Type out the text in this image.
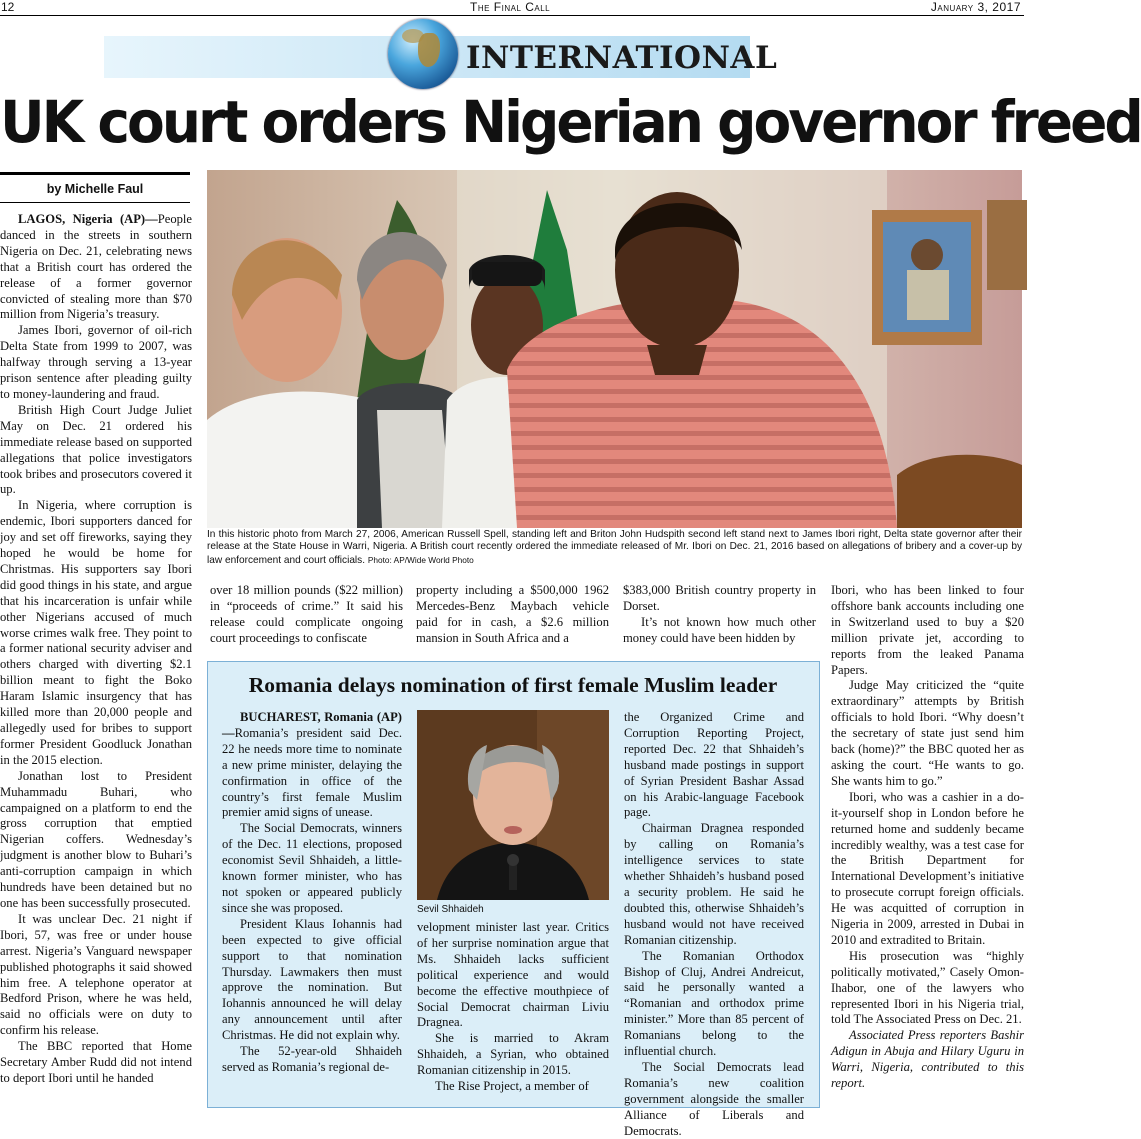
12	The Final Call	January 3, 2017
INTERNATIONAL
UK court orders Nigerian governor freed
by Michelle Faul

LAGOS, Nigeria (AP)—People danced in the streets in southern Nigeria on Dec. 21, celebrating news that a British court has ordered the release of a former governor convicted of stealing more than $70 million from Nigeria’s treasury.

James Ibori, governor of oil-rich Delta State from 1999 to 2007, was halfway through serving a 13-year prison sentence after pleading guilty to money-laundering and fraud.

British High Court Judge Juliet May on Dec. 21 ordered his immediate release based on supported allegations that police investigators took bribes and prosecutors covered it up.

In Nigeria, where corruption is endemic, Ibori supporters danced for joy and set off fireworks, saying they hoped he would be home for Christmas. His supporters say Ibori did good things in his state, and argue that his incarceration is unfair while other Nigerians accused of much worse crimes walk free. They point to a former national security adviser and others charged with diverting $2.1 billion meant to fight the Boko Haram Islamic insurgency that has killed more than 20,000 people and allegedly used for bribes to support former President Goodluck Jonathan in the 2015 election.

Jonathan lost to President Muhammadu Buhari, who campaigned on a platform to end the gross corruption that emptied Nigerian coffers. Wednesday’s judgment is another blow to Buhari’s anti-corruption campaign in which hundreds have been detained but no one has been successfully prosecuted.

It was unclear Dec. 21 night if Ibori, 57, was free or under house arrest. Nigeria’s Vanguard newspaper published photographs it said showed him free. A telephone operator at Bedford Prison, where he was held, said no officials were on duty to confirm his release.

The BBC reported that Home Secretary Amber Rudd did not intend to deport Ibori until he handed

In this historic photo from March 27, 2006, American Russell Spell, standing left and Briton John Hudspith second left stand next to James Ibori right, Delta state governor after their release at the State House in Warri, Nigeria. A British court recently ordered the immediate released of Mr. Ibori on Dec. 21, 2016 based on allegations of bribery and a cover-up by law enforcement and court officials. Photo: AP/Wide World Photo

over 18 million pounds ($22 million) in “proceeds of crime.” It said his release could complicate ongoing court proceedings to confiscate

property including a $500,000 1962 Mercedes-Benz Maybach vehicle paid for in cash, a $2.6 million mansion in South Africa and a

$383,000 British country property in Dorset.

It’s not known how much other money could have been hidden by

Ibori, who has been linked to four offshore bank accounts including one in Switzerland used to buy a $20 million private jet, according to reports from the leaked Panama Papers.

Judge May criticized the “quite extraordinary” attempts by British officials to hold Ibori. “Why doesn’t the secretary of state just send him back (home)?” the BBC quoted her as asking the court. “He wants to go. She wants him to go.”

Ibori, who was a cashier in a do-it-yourself shop in London before he returned home and suddenly became incredibly wealthy, was a test case for the British Department for International Development’s initiative to prosecute corrupt foreign officials. He was acquitted of corruption in Nigeria in 2009, arrested in Dubai in 2010 and extradited to Britain.

His prosecution was “highly politically motivated,” Casely Omon-Ihabor, one of the lawyers who represented Ibori in his Nigeria trial, told The Associated Press on Dec. 21.

Associated Press reporters Bashir Adigun in Abuja and Hilary Uguru in Warri, Nigeria, contributed to this report.

Romania delays nomination of first female Muslim leader

BUCHAREST, Romania (AP)—Romania’s president said Dec. 22 he needs more time to nominate a new prime minister, delaying the confirmation in office of the country’s first female Muslim premier amid signs of unease.

The Social Democrats, winners of the Dec. 11 elections, proposed economist Sevil Shhaideh, a little-known former minister, who has not spoken or appeared publicly since she was proposed.

President Klaus Iohannis had been expected to give official support to that nomination Thursday. Lawmakers then must approve the nomination. But Iohannis announced he will delay any announcement until after Christmas. He did not explain why.

The 52-year-old Shhaideh served as Romania’s regional de-

Sevil Shhaideh

velopment minister last year. Critics of her surprise nomination argue that Ms. Shhaideh lacks sufficient political experience and would become the effective mouthpiece of Social Democrat chairman Liviu Dragnea.

She is married to Akram Shhaideh, a Syrian, who obtained Romanian citizenship in 2015.

The Rise Project, a member of

the Organized Crime and Corruption Reporting Project, reported Dec. 22 that Shhaideh’s husband made postings in support of Syrian President Bashar Assad on his Arabic-language Facebook page.

Chairman Dragnea responded by calling on Romania’s intelligence services to state whether Shhaideh’s husband posed a security problem. He said he doubted this, otherwise Shhaideh’s husband would not have received Romanian citizenship.

The Romanian Orthodox Bishop of Cluj, Andrei Andreicut, said he personally wanted a “Romanian and orthodox prime minister.” More than 85 percent of Romanians belong to the influential church.

The Social Democrats lead Romania’s new coalition government alongside the smaller Alliance of Liberals and Democrats.
